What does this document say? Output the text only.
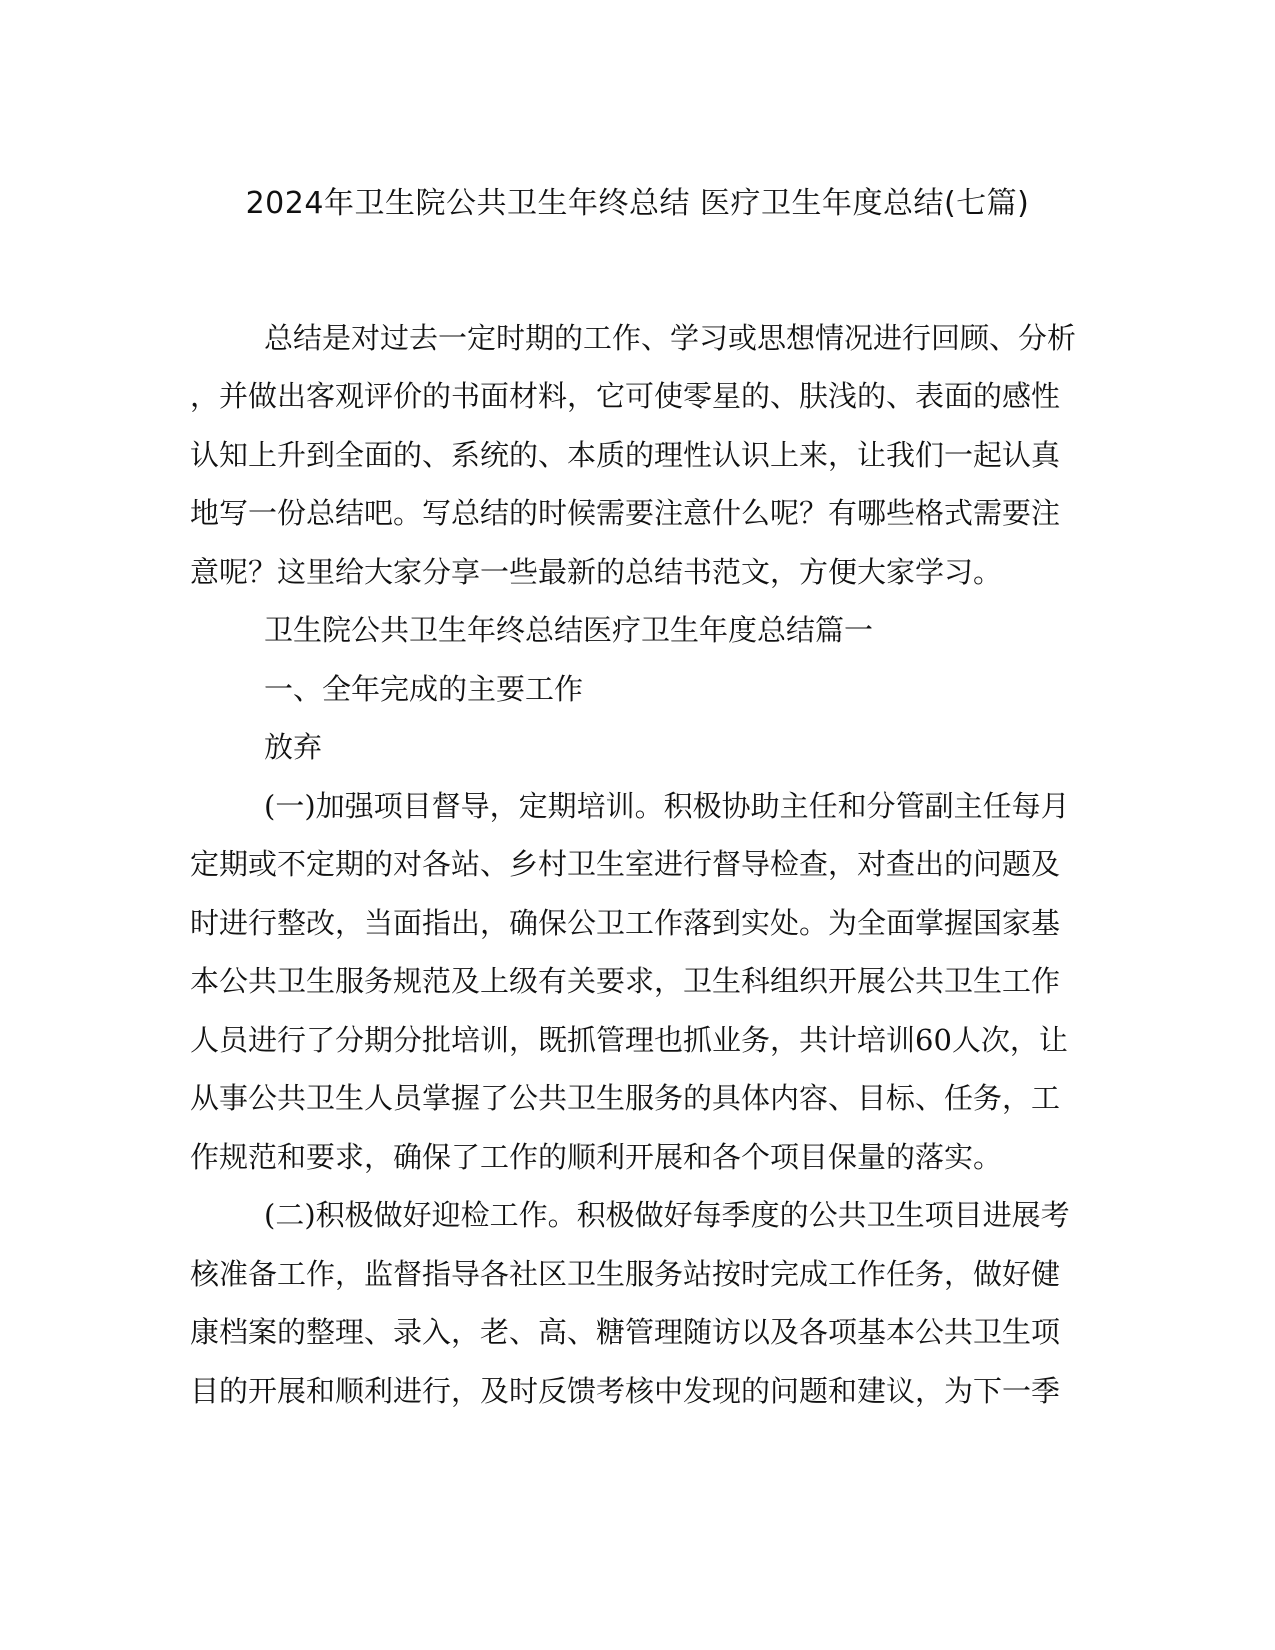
2024年卫生院公共卫生年终总结 医疗卫生年度总结(七篇)

总结是对过去一定时期的工作、学习或思想情况进行回顾、分析

，并做出客观评价的书面材料，它可使零星的、肤浅的、表面的感性

认知上升到全面的、系统的、本质的理性认识上来，让我们一起认真

地写一份总结吧。写总结的时候需要注意什么呢？有哪些格式需要注

意呢？这里给大家分享一些最新的总结书范文，方便大家学习。

卫生院公共卫生年终总结医疗卫生年度总结篇一

一、全年完成的主要工作

放弃

(一)加强项目督导，定期培训。积极协助主任和分管副主任每月

定期或不定期的对各站、乡村卫生室进行督导检查，对查出的问题及

时进行整改，当面指出，确保公卫工作落到实处。为全面掌握国家基

本公共卫生服务规范及上级有关要求，卫生科组织开展公共卫生工作

人员进行了分期分批培训，既抓管理也抓业务，共计培训60人次，让

从事公共卫生人员掌握了公共卫生服务的具体内容、目标、任务，工

作规范和要求，确保了工作的顺利开展和各个项目保量的落实。

(二)积极做好迎检工作。积极做好每季度的公共卫生项目进展考

核准备工作，监督指导各社区卫生服务站按时完成工作任务，做好健

康档案的整理、录入，老、高、糖管理随访以及各项基本公共卫生项

目的开展和顺利进行，及时反馈考核中发现的问题和建议，为下一季
